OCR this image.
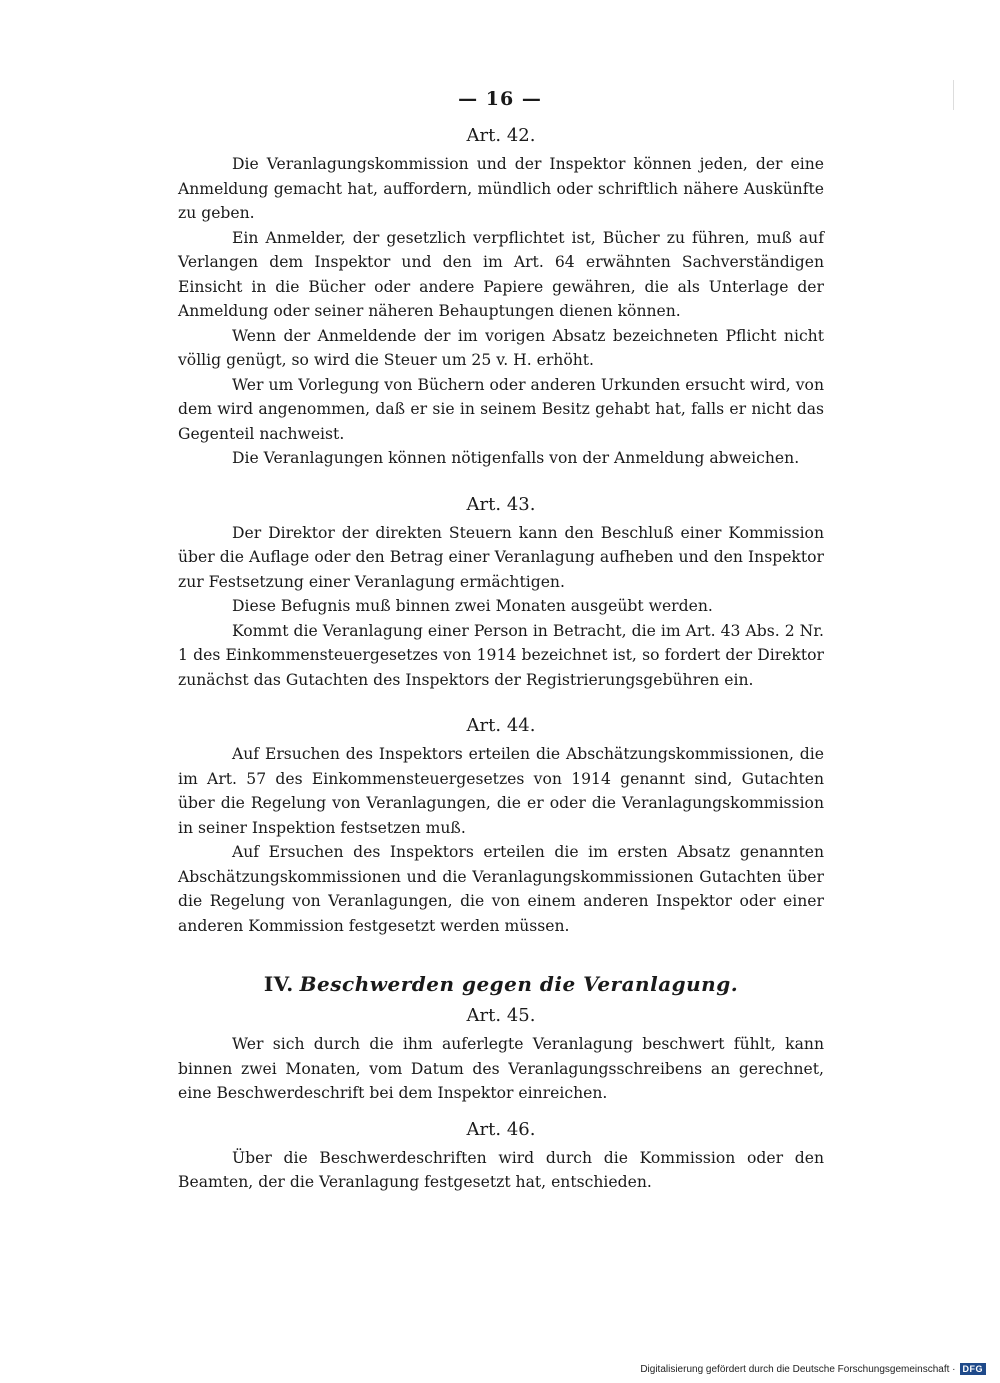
— 16 —
Art. 42.

Die Veranlagungskommission und der Inspektor können jeden, der eine Anmeldung gemacht hat, auffordern, mündlich oder schriftlich nähere Auskünfte zu geben.

Ein Anmelder, der gesetzlich verpflichtet ist, Bücher zu führen, muß auf Verlangen dem Inspektor und den im Art. 64 erwähnten Sachverständigen Einsicht in die Bücher oder andere Papiere gewähren, die als Unterlage der Anmeldung oder seiner näheren Behauptungen dienen können.

Wenn der Anmeldende der im vorigen Absatz bezeichneten Pflicht nicht völlig genügt, so wird die Steuer um 25 v. H. erhöht.

Wer um Vorlegung von Büchern oder anderen Urkunden ersucht wird, von dem wird angenommen, daß er sie in seinem Besitz gehabt hat, falls er nicht das Gegenteil nachweist.

Die Veranlagungen können nötigenfalls von der Anmeldung abweichen.

Art. 43.

Der Direktor der direkten Steuern kann den Beschluß einer Kommission über die Auflage oder den Betrag einer Veranlagung aufheben und den Inspektor zur Festsetzung einer Veranlagung ermächtigen.

Diese Befugnis muß binnen zwei Monaten ausgeübt werden.

Kommt die Veranlagung einer Person in Betracht, die im Art. 43 Abs. 2 Nr. 1 des Einkommensteuergesetzes von 1914 bezeichnet ist, so fordert der Direktor zunächst das Gutachten des Inspektors der Registrierungsgebühren ein.

Art. 44.

Auf Ersuchen des Inspektors erteilen die Abschätzungskommissionen, die im Art. 57 des Einkommensteuergesetzes von 1914 genannt sind, Gutachten über die Regelung von Veranlagungen, die er oder die Veranlagungskommission in seiner Inspektion festsetzen muß.

Auf Ersuchen des Inspektors erteilen die im ersten Absatz genannten Abschätzungskommissionen und die Veranlagungskommissionen Gutachten über die Regelung von Veranlagungen, die von einem anderen Inspektor oder einer anderen Kommission festgesetzt werden müssen.

IV. Beschwerden gegen die Veranlagung.
Art. 45.

Wer sich durch die ihm auferlegte Veranlagung beschwert fühlt, kann binnen zwei Monaten, vom Datum des Veranlagungsschreibens an gerechnet, eine Beschwerdeschrift bei dem Inspektor einreichen.

Art. 46.

Über die Beschwerdeschriften wird durch die Kommission oder den Beamten, der die Veranlagung festgesetzt hat, entschieden.

Digitalisierung gefördert durch die Deutsche Forschungsgemeinschaft · DFG
